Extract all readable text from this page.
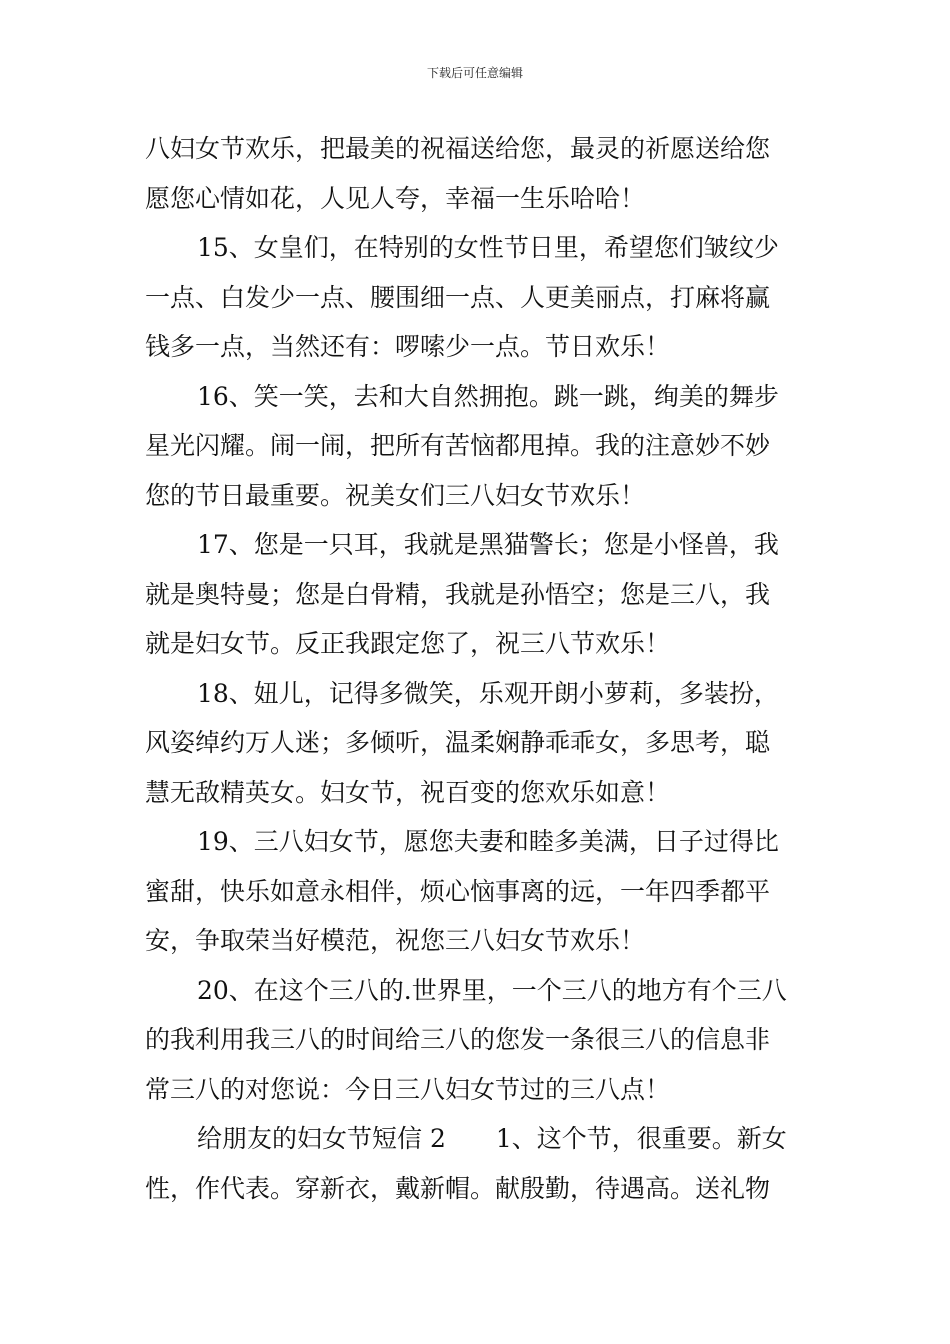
下载后可任意编辑
八妇女节欢乐，把最美的祝福送给您，最灵的祈愿送给您
愿您心情如花，人见人夸，幸福一生乐哈哈！
15、女皇们，在特别的女性节日里，希望您们皱纹少
一点、白发少一点、腰围细一点、人更美丽点，打麻将赢
钱多一点，当然还有：啰嗦少一点。节日欢乐！
16、笑一笑，去和大自然拥抱。跳一跳，绚美的舞步
星光闪耀。闹一闹，把所有苦恼都甩掉。我的注意妙不妙
您的节日最重要。祝美女们三八妇女节欢乐！
17、您是一只耳，我就是黑猫警长；您是小怪兽，我
就是奥特曼；您是白骨精，我就是孙悟空；您是三八，我
就是妇女节。反正我跟定您了，祝三八节欢乐！
18、妞儿，记得多微笑，乐观开朗小萝莉，多装扮，
风姿绰约万人迷；多倾听，温柔娴静乖乖女，多思考，聪
慧无敌精英女。妇女节，祝百变的您欢乐如意！
19、三八妇女节，愿您夫妻和睦多美满，日子过得比
蜜甜，快乐如意永相伴，烦心恼事离的远，一年四季都平
安，争取荣当好模范，祝您三八妇女节欢乐！
20、在这个三八的.世界里，一个三八的地方有个三八
的我利用我三八的时间给三八的您发一条很三八的信息非
常三八的对您说：今日三八妇女节过的三八点！
给朋友的妇女节短信 2　　1、这个节，很重要。新女
性，作代表。穿新衣，戴新帽。献殷勤，待遇高。送礼物
